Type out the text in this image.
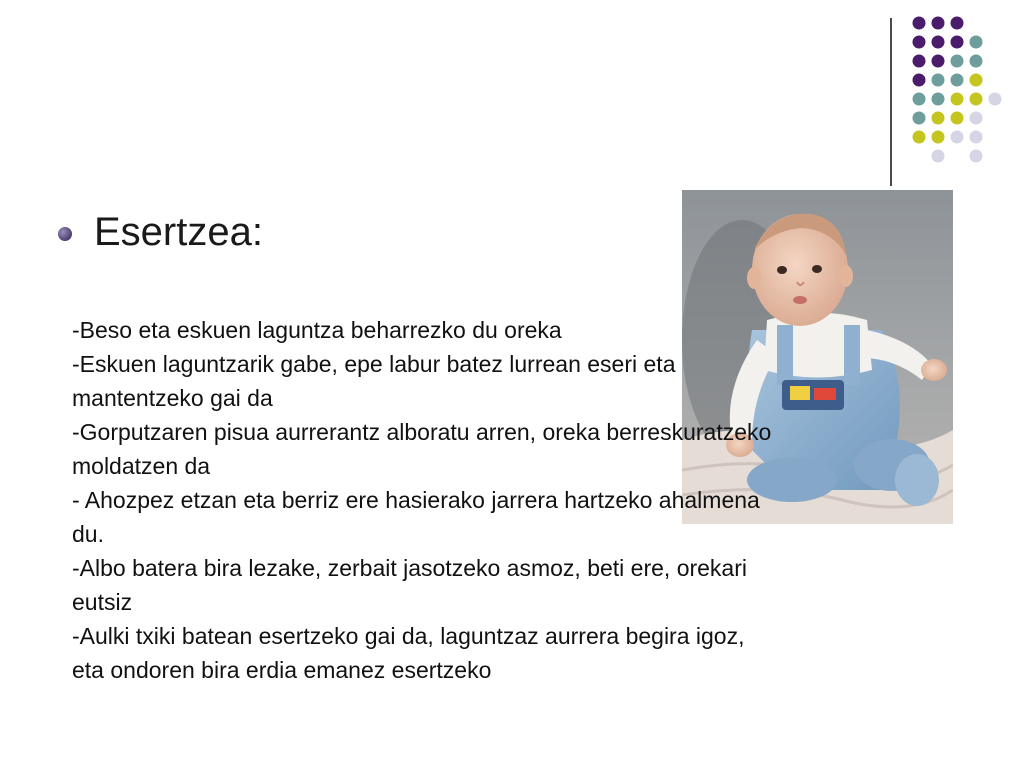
Esertzea:
-Beso eta eskuen laguntza beharrezko du oreka
-Eskuen laguntzarik gabe, epe labur batez lurrean eseri eta
mantentzeko gai da
-Gorputzaren pisua aurrerantz alboratu arren, oreka berreskuratzeko
moldatzen da
- Ahozpez etzan eta berriz ere hasierako jarrera hartzeko ahalmena
du.
-Albo batera bira lezake, zerbait jasotzeko asmoz, beti ere, orekari
eutsiz
-Aulki txiki batean esertzeko gai da, laguntzaz aurrera begira igoz,
eta ondoren bira erdia emanez esertzeko
